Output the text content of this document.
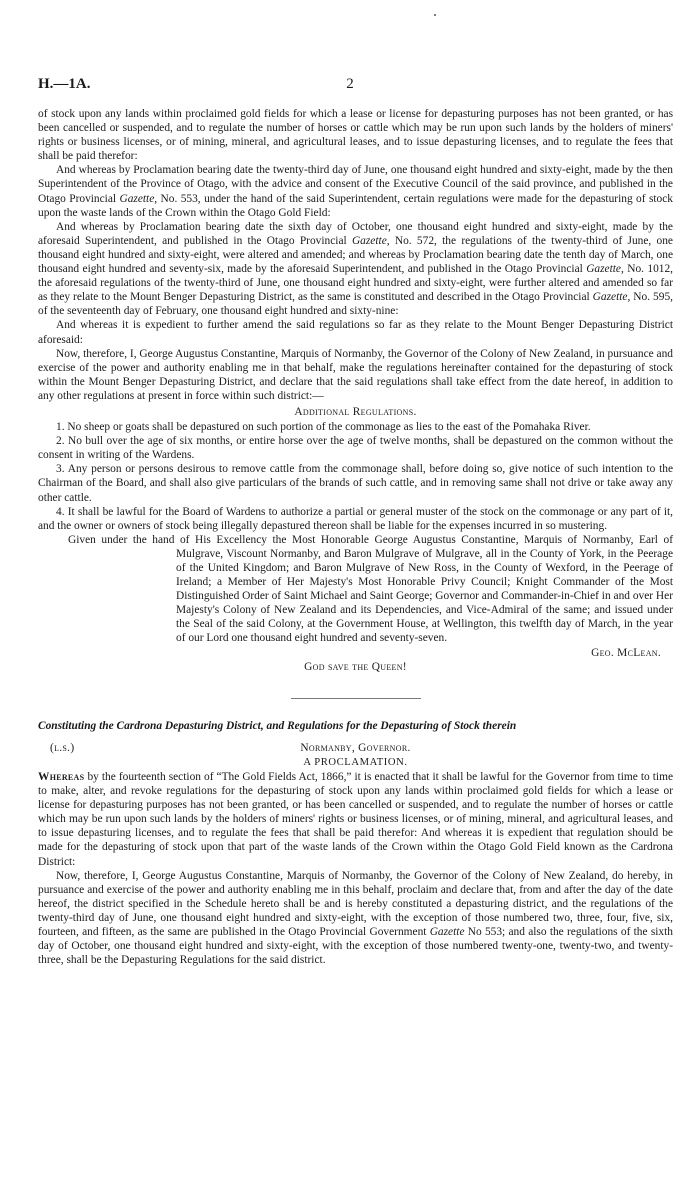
H.—1A.	2

of stock upon any lands within proclaimed gold fields for which a lease or license for depasturing purposes has not been granted, or has been cancelled or suspended, and to regulate the number of horses or cattle which may be run upon such lands by the holders of miners' rights or business licenses, or of mining, mineral, and agricultural leases, and to issue depasturing licenses, and to regulate the fees that shall be paid therefor:

And whereas by Proclamation bearing date the twenty-third day of June, one thousand eight hundred and sixty-eight, made by the then Superintendent of the Province of Otago, with the advice and consent of the Executive Council of the said province, and published in the Otago Provincial Gazette, No. 553, under the hand of the said Superintendent, certain regulations were made for the depasturing of stock upon the waste lands of the Crown within the Otago Gold Field:

And whereas by Proclamation bearing date the sixth day of October, one thousand eight hundred and sixty-eight, made by the aforesaid Superintendent, and published in the Otago Provincial Gazette, No. 572, the regulations of the twenty-third of June, one thousand eight hundred and sixty-eight, were altered and amended; and whereas by Proclamation bearing date the tenth day of March, one thousand eight hundred and seventy-six, made by the aforesaid Superintendent, and published in the Otago Provincial Gazette, No. 1012, the aforesaid regulations of the twenty-third of June, one thousand eight hundred and sixty-eight, were further altered and amended so far as they relate to the Mount Benger Depasturing District, as the same is constituted and described in the Otago Provincial Gazette, No. 595, of the seventeenth day of February, one thousand eight hundred and sixty-nine:

And whereas it is expedient to further amend the said regulations so far as they relate to the Mount Benger Depasturing District aforesaid:

Now, therefore, I, George Augustus Constantine, Marquis of Normanby, the Governor of the Colony of New Zealand, in pursuance and exercise of the power and authority enabling me in that behalf, make the regulations hereinafter contained for the depasturing of stock within the Mount Benger Depasturing District, and declare that the said regulations shall take effect from the date hereof, in addition to any other regulations at present in force within such district:—

Additional Regulations.

1. No sheep or goats shall be depastured on such portion of the commonage as lies to the east of the Pomahaka River.

2. No bull over the age of six months, or entire horse over the age of twelve months, shall be depastured on the common without the consent in writing of the Wardens.

3. Any person or persons desirous to remove cattle from the commonage shall, before doing so, give notice of such intention to the Chairman of the Board, and shall also give particulars of the brands of such cattle, and in removing same shall not drive or take away any other cattle.

4. It shall be lawful for the Board of Wardens to authorize a partial or general muster of the stock on the commonage or any part of it, and the owner or owners of stock being illegally depastured thereon shall be liable for the expenses incurred in so mustering.

Given under the hand of His Excellency the Most Honorable George Augustus Constantine, Marquis of Normanby, Earl of Mulgrave, Viscount Normanby, and Baron Mulgrave of Mulgrave, all in the County of York, in the Peerage of the United Kingdom; and Baron Mulgrave of New Ross, in the County of Wexford, in the Peerage of Ireland; a Member of Her Majesty's Most Honorable Privy Council; Knight Commander of the Most Distinguished Order of Saint Michael and Saint George; Governor and Commander-in-Chief in and over Her Majesty's Colony of New Zealand and its Dependencies, and Vice-Admiral of the same; and issued under the Seal of the said Colony, at the Government House, at Wellington, this twelfth day of March, in the year of our Lord one thousand eight hundred and seventy-seven.

Geo. McLean.

God save the Queen!

Constituting the Cardrona Depasturing District, and Regulations for the Depasturing of Stock therein

(l.s.)	Normanby, Governor.

A PROCLAMATION.

Whereas by the fourteenth section of “The Gold Fields Act, 1866,” it is enacted that it shall be lawful for the Governor from time to time to make, alter, and revoke regulations for the depasturing of stock upon any lands within proclaimed gold fields for which a lease or license for depasturing purposes has not been granted, or has been cancelled or suspended, and to regulate the number of horses or cattle which may be run upon such lands by the holders of miners' rights or business licenses, or of mining, mineral, and agricultural leases, and to issue depasturing licenses, and to regulate the fees that shall be paid therefor: And whereas it is expedient that regulation should be made for the depasturing of stock upon that part of the waste lands of the Crown within the Otago Gold Field known as the Cardrona District:

Now, therefore, I, George Augustus Constantine, Marquis of Normanby, the Governor of the Colony of New Zealand, do hereby, in pursuance and exercise of the power and authority enabling me in this behalf, proclaim and declare that, from and after the day of the date hereof, the district specified in the Schedule hereto shall be and is hereby constituted a depasturing district, and the regulations of the twenty-third day of June, one thousand eight hundred and sixty-eight, with the exception of those numbered two, three, four, five, six, fourteen, and fifteen, as the same are published in the Otago Provincial Government Gazette No 553; and also the regulations of the sixth day of October, one thousand eight hundred and sixty-eight, with the exception of those numbered twenty-one, twenty-two, and twenty-three, shall be the Depasturing Regulations for the said district.
